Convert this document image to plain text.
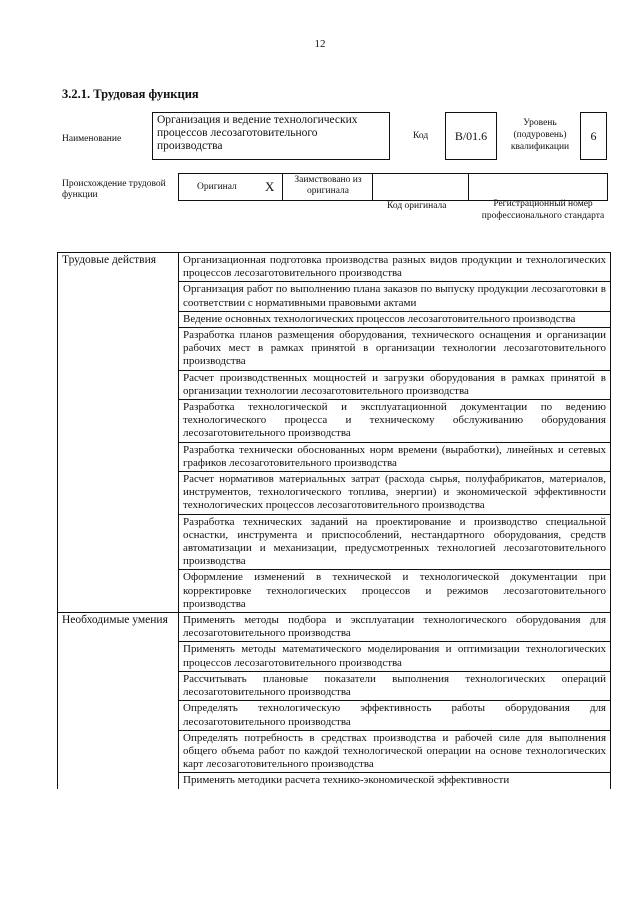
12
3.2.1. Трудовая функция
Наименование
Организация и ведение технологических процессов лесозаготовительного производства
Код	В/01.6
Уровень (подуровень) квалификации
6
Происхождение трудовой функции
Оригинал Х	Заимствовано из оригинала
Код оригинала	Регистрационный номер профессионального стандарта
Трудовые действия	Организационная подготовка производства разных видов продукции и технологических процессов лесозаготовительного производства
	Организация работ по выполнению плана заказов по выпуску продукции лесозаготовки в соответствии с нормативными правовыми актами
	Ведение основных технологических процессов лесозаготовительного производства
	Разработка планов размещения оборудования, технического оснащения и организации рабочих мест в рамках принятой в организации технологии лесозаготовительного производства
	Расчет производственных мощностей и загрузки оборудования в рамках принятой в организации технологии лесозаготовительного производства
	Разработка технологической и эксплуатационной документации по ведению технологического процесса и техническому обслуживанию оборудования лесозаготовительного производства
	Разработка технически обоснованных норм времени (выработки), линейных и сетевых графиков лесозаготовительного производства
	Расчет нормативов материальных затрат (расхода сырья, полуфабрикатов, материалов, инструментов, технологического топлива, энергии) и экономической эффективности технологических процессов лесозаготовительного производства
	Разработка технических заданий на проектирование и производство специальной оснастки, инструмента и приспособлений, нестандартного оборудования, средств автоматизации и механизации, предусмотренных технологией лесозаготовительного производства
	Оформление изменений в технической и технологической документации при корректировке технологических процессов и режимов лесозаготовительного производства
Необходимые умения	Применять методы подбора и эксплуатации технологического оборудования для лесозаготовительного производства
	Применять методы математического моделирования и оптимизации технологических процессов лесозаготовительного производства
	Рассчитывать плановые показатели выполнения технологических операций лесозаготовительного производства
	Определять технологическую эффективность работы оборудования для лесозаготовительного производства
	Определять потребность в средствах производства и рабочей силе для выполнения общего объема работ по каждой технологической операции на основе технологических карт лесозаготовительного производства
	Применять методики расчета технико-экономической эффективности
